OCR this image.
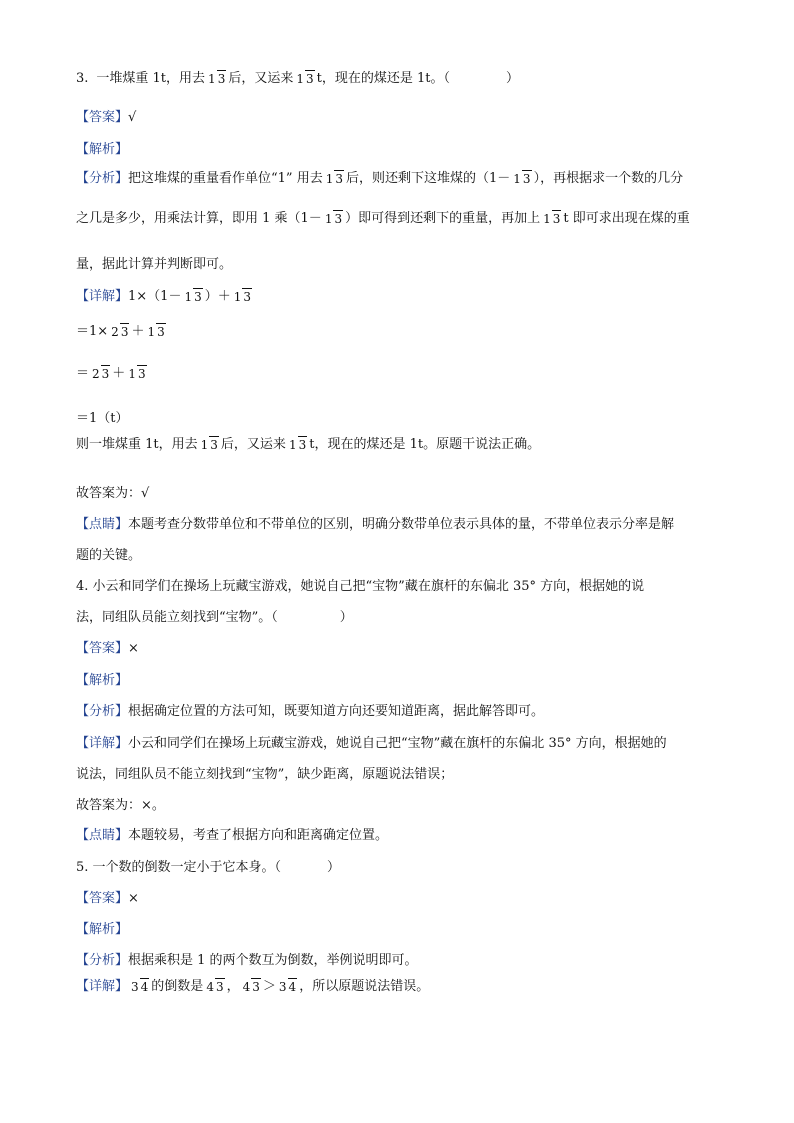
3. 一堆煤重 1t，用去 1 3 后，又运来 1 3 t，现在的煤还是 1t。（	）
【答案】 √
【解析】
【分析】 把这堆煤的重量看作单位“1” 用去 1 3 后，则还剩下这堆煤的（1－ 1 3 ），再根据求一个数的几分
之几是多少，用乘法计算，即用 1 乘（1－ 1 3 ）即可得到还剩下的重量，再加上 1 3 t 即可求出现在煤的重
量，据此计算并判断即可。
【详解】 1×（1－ 1 3 ）＋ 1 3
＝1× 2 3 ＋ 1 3
＝ 2 3 ＋ 1 3
＝1（t）
则一堆煤重 1t，用去 1 3 后，又运来 1 3 t，现在的煤还是 1t。原题干说法正确。
故答案为：√
【点睛】 本题考查分数带单位和不带单位的区别，明确分数带单位表示具体的量，不带单位表示分率是解
题的关键。
4. 小云和同学们在操场上玩藏宝游戏，她说自己把“宝物”藏在旗杆的东偏北 35° 方向，根据她的说
法，同组队员能立刻找到“宝物”。（	）
【答案】 ×
【解析】
【分析】 根据确定位置的方法可知，既要知道方向还要知道距离，据此解答即可。
【详解】 小云和同学们在操场上玩藏宝游戏，她说自己把“宝物”藏在旗杆的东偏北 35° 方向，根据她的
说法，同组队员不能立刻找到“宝物”，缺少距离，原题说法错误；
故答案为：×。
【点睛】 本题较易，考查了根据方向和距离确定位置。
5. 一个数的倒数一定小于它本身。（	）
【答案】 ×
【解析】
【分析】 根据乘积是 1 的两个数互为倒数，举例说明即可。
【详解】 3 4 的倒数是 4 3 ， 4 3 ＞ 3 4 ，所以原题说法错误。
